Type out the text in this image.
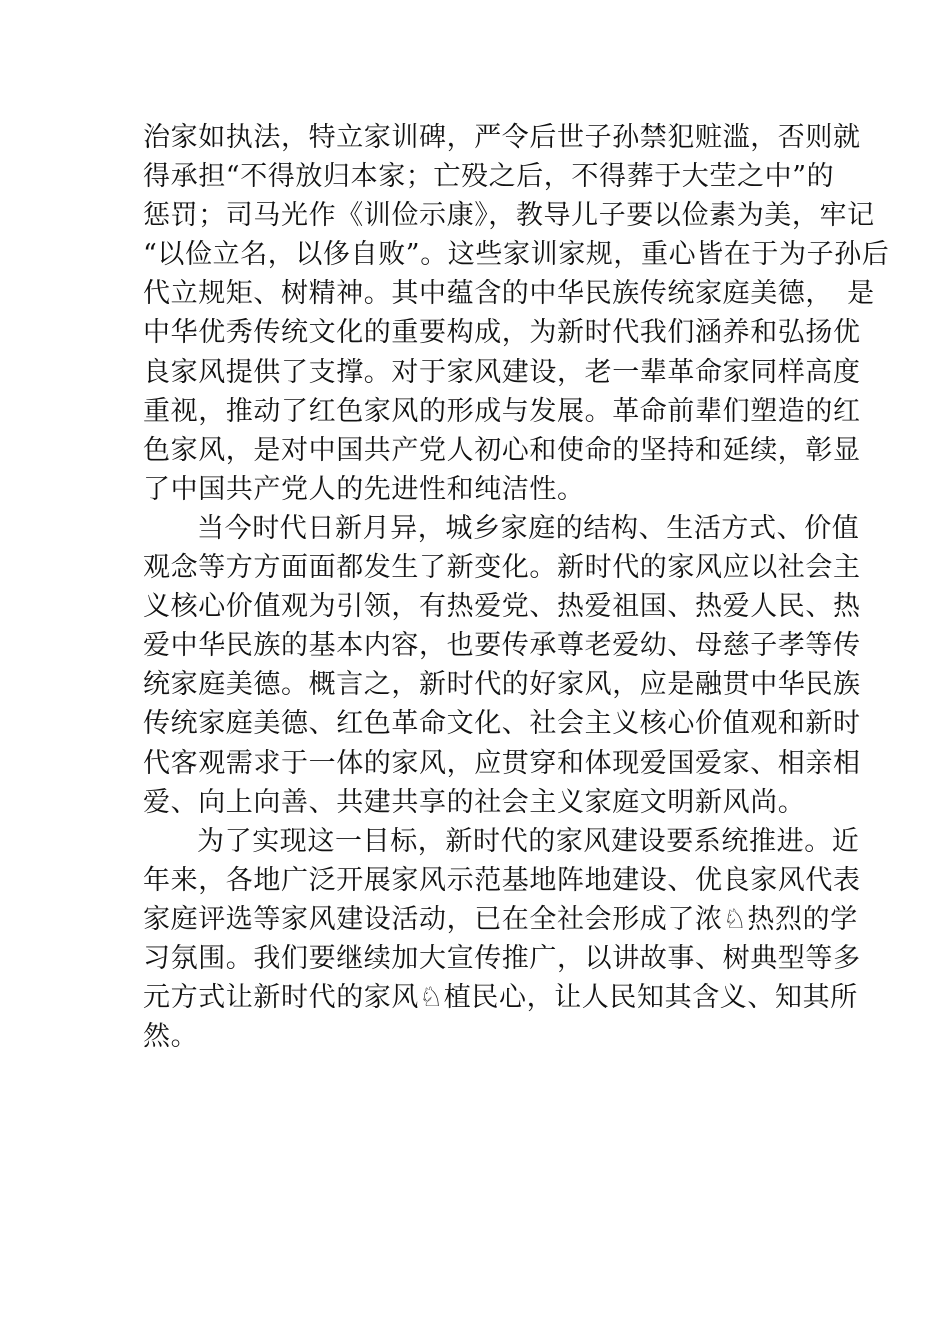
治家如执法，特立家训碑，严令后世子孙禁犯赃滥，否则就
得承担“不得放归本家；亡殁之后，不得葬于大茔之中”的
惩罚；司马光作《训俭示康》，教导儿子要以俭素为美，牢记
“以俭立名，以侈自败”。这些家训家规，重心皆在于为子孙后
代立规矩、树精神。其中蕴含的中华民族传统家庭美德，　是
中华优秀传统文化的重要构成，为新时代我们涵养和弘扬优
良家风提供了支撑。对于家风建设，老一辈革命家同样高度
重视，推动了红色家风的形成与发展。革命前辈们塑造的红
色家风，是对中国共产党人初心和使命的坚持和延续，彰显
了中国共产党人的先进性和纯洁性。
当今时代日新月异，城乡家庭的结构、生活方式、价值
观念等方方面面都发生了新变化。新时代的家风应以社会主
义核心价值观为引领，有热爱党、热爱祖国、热爱人民、热
爱中华民族的基本内容，也要传承尊老爱幼、母慈子孝等传
统家庭美德。概言之，新时代的好家风，应是融贯中华民族
传统家庭美德、红色革命文化、社会主义核心价值观和新时
代客观需求于一体的家风，应贯穿和体现爱国爱家、相亲相
爱、向上向善、共建共享的社会主义家庭文明新风尚。
为了实现这一目标，新时代的家风建设要系统推进。近
年来，各地广泛开展家风示范基地阵地建设、优良家风代表
家庭评选等家风建设活动，已在全社会形成了浓♘热烈的学
习氛围。我们要继续加大宣传推广，以讲故事、树典型等多
元方式让新时代的家风♘植民心，让人民知其含义、知其所
然。
